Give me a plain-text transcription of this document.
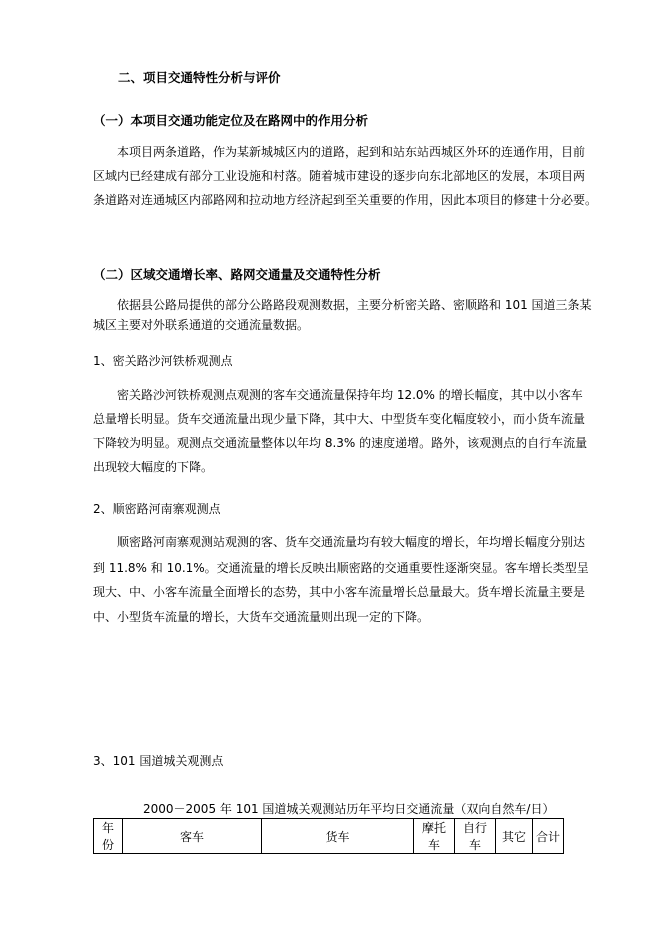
二、项目交通特性分析与评价
（一）本项目交通功能定位及在路网中的作用分析
本项目两条道路，作为某新城城区内的道路，起到和站东站西城区外环的连通作用，目前
区域内已经建成有部分工业设施和村落。随着城市建设的逐步向东北部地区的发展，本项目两
条道路对连通城区内部路网和拉动地方经济起到至关重要的作用，因此本项目的修建十分必要。
（二）区域交通增长率、路网交通量及交通特性分析
依据县公路局提供的部分公路路段观测数据，主要分析密关路、密顺路和 101 国道三条某
城区主要对外联系通道的交通流量数据。
1、密关路沙河铁桥观测点
密关路沙河铁桥观测点观测的客车交通流量保持年均 12.0% 的增长幅度，其中以小客车
总量增长明显。货车交通流量出现少量下降，其中大、中型货车变化幅度较小，而小货车流量
下降较为明显。观测点交通流量整体以年均 8.3% 的速度递增。路外，该观测点的自行车流量
出现较大幅度的下降。
2、顺密路河南寨观测点
顺密路河南寨观测站观测的客、货车交通流量均有较大幅度的增长，年均增长幅度分别达
到 11.8% 和 10.1%。交通流量的增长反映出顺密路的交通重要性逐渐突显。客车增长类型呈
现大、中、小客车流量全面增长的态势，其中小客车流量增长总量最大。货车增长流量主要是
中、小型货车流量的增长，大货车交通流量则出现一定的下降。
3、101 国道城关观测点
2000－2005 年 101 国道城关观测站历年平均日交通流量（双向自然车/日）
年份	客车	货车	摩托车	自行车	其它	合计
